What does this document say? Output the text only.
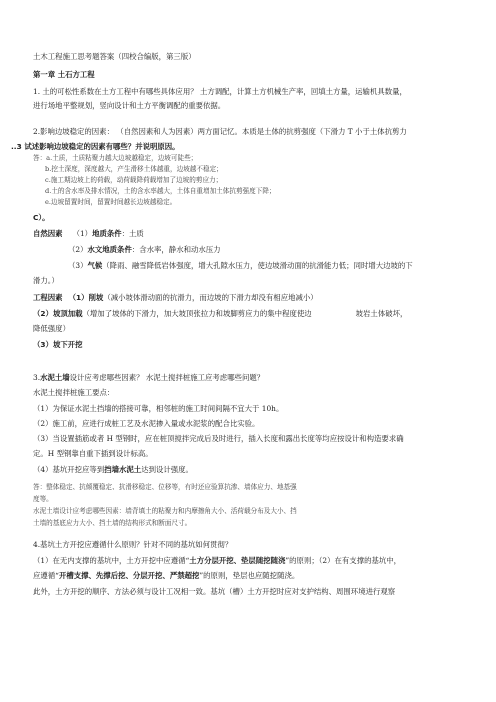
土木工程施工思考题答案（四校合编版，第三版）
第一章 土石方工程
1. 土的可松性系数在土方工程中有哪些具体应用？ 土方调配，计算土方机械生产率，回填土方量，运输机具数量，
进行场地平整规划，竖向设计和土方平衡调配的重要依据。
2.影响边坡稳定的因素： （自然因素和人为因素）两方面记忆。本质是土体的抗剪强度（下滑力 T 小于土体抗剪力
..3 试述影响边坡稳定的因素有哪些？并说明原因。
答：a.土质，土质粘聚力越大边坡越稳定，边坡可陡些；
b.挖土深度，深度越大，产生滑移土体越重，边坡越不稳定；
c.施工期边坡上的荷载，动荷载降荷载增加了边坡的剪应力；
d.土的含水率及排水情况，土的含水率越大，土体自重增加土体抗剪强度下降；
e.边坡留置时间，留置时间越长边坡越稳定。
C）。
自然因素 （1）地质条件：土质
（2）水文地质条件：含水率，静水和动水压力
（3）气候（降雨、融雪降低岩体强度，增大孔隙水压力，使边坡滑动面的抗滑能力低；同时增大边坡的下
滑力。）
工程因素 （1）削坡（减小坡体滑动面的抗滑力，而边坡的下滑力却没有相应地减小）
（2）坡顶加载（增加了坡体的下滑力，加大坡顶张拉力和坡脚剪应力的集中程度使边	坡岩土体破坏，
降低强度）
（3）坡下开挖
3.水泥土墙设计应考虑哪些因素？ 水泥土搅拌桩施工应考虑哪些问题？
水泥土搅拌桩施工要点：
（1）为保证水泥土挡墙的搭接可靠，相邻桩的施工时间间隔不宜大于 10h。
（2）施工前，应进行成桩工艺及水泥掺入量或水泥浆的配合比实验。
（3）当设置插筋或者 H 型钢时，应在桩顶搅拌完成后及时进行，插入长度和露出长度等均应按设计和构造要求确
定。H 型钢靠自重下插到设计标高。
（4）基坑开挖应等到挡墙水泥土达到设计强度。
答：整体稳定、抗倾覆稳定、抗滑移稳定、位移等，有时还应验算抗渗、墙体应力、地基强
度等。
水泥土墙设计应考虑哪些因素：墙背填土的粘聚力和内摩擦角大小、活荷载分布及大小、挡
土墙的基底应力大小、挡土墙的结构形式和断面尺寸。
4.基坑土方开挖应遵循什么原则？针对不同的基坑如何贯彻？
（1）在无内支撑的基坑中，土方开挖中应遵循“土方分层开挖、垫层随挖随浇”的原则；（2）在有支撑的基坑中，
应遵循“开槽支撑、先撑后挖、分层开挖、严禁超挖”的原则，垫层也应随挖随浇。
此外，土方开挖的顺序、方法必须与设计工况相一致。基坑（槽）土方开挖时应对支护结构、周围环境进行观察
